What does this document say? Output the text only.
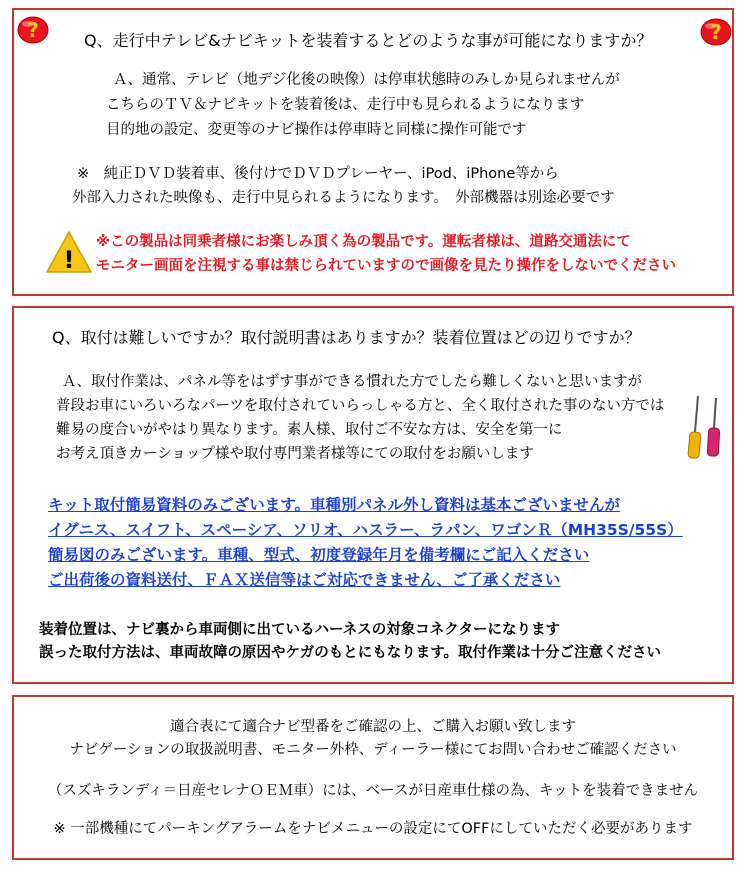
?	?
Q、走行中テレビ&ナビキットを装着するとどのような事が可能になりますか？
Ａ、通常、テレビ（地デジ化後の映像）は停車状態時のみしか見られませんが
こちらのＴＶ＆ナビキットを装着後は、走行中も見られるようになります
目的地の設定、変更等のナビ操作は停車時と同様に操作可能です
※　純正ＤＶＤ装着車、後付けでＤＶＤプレーヤー、iPod、iPhone等から
外部入力された映像も、走行中見られるようになります。　外部機器は別途必要です
!
※この製品は同乗者様にお楽しみ頂く為の製品です。運転者様は、道路交通法にて
モニター画面を注視する事は禁じられていますので画像を見たり操作をしないでください
Q、取付は難しいですか？取付説明書はありますか？装着位置はどの辺りですか？
Ａ、取付作業は、パネル等をはずす事ができる慣れた方でしたら難しくないと思いますが
普段お車にいろいろなパーツを取付されていらっしゃる方と、全く取付された事のない方では
難易の度合いがやはり異なります。素人様、取付ご不安な方は、安全を第一に
お考え頂きカーショップ様や取付専門業者様等にての取付をお願いします
キット取付簡易資料のみございます。車種別パネル外し資料は基本ございませんが
イグニス、スイフト、スペーシア、ソリオ、ハスラー、ラパン、ワゴンＲ（MH35S/55S）
簡易図のみございます。車種、型式、初度登録年月を備考欄にご記入ください
ご出荷後の資料送付、ＦＡＸ送信等はご対応できません、ご了承ください
装着位置は、ナビ裏から車両側に出ているハーネスの対象コネクターになります
誤った取付方法は、車両故障の原因やケガのもとにもなります。取付作業は十分ご注意ください
適合表にて適合ナビ型番をご確認の上、ご購入お願い致します
ナビゲーションの取扱説明書、モニター外枠、ディーラー様にてお問い合わせご確認ください
（スズキランディ＝日産セレナＯＥＭ車）には、ベースが日産車仕様の為、キットを装着できません
※ 一部機種にてパーキングアラームをナビメニューの設定にてOFFにしていただく必要があります
